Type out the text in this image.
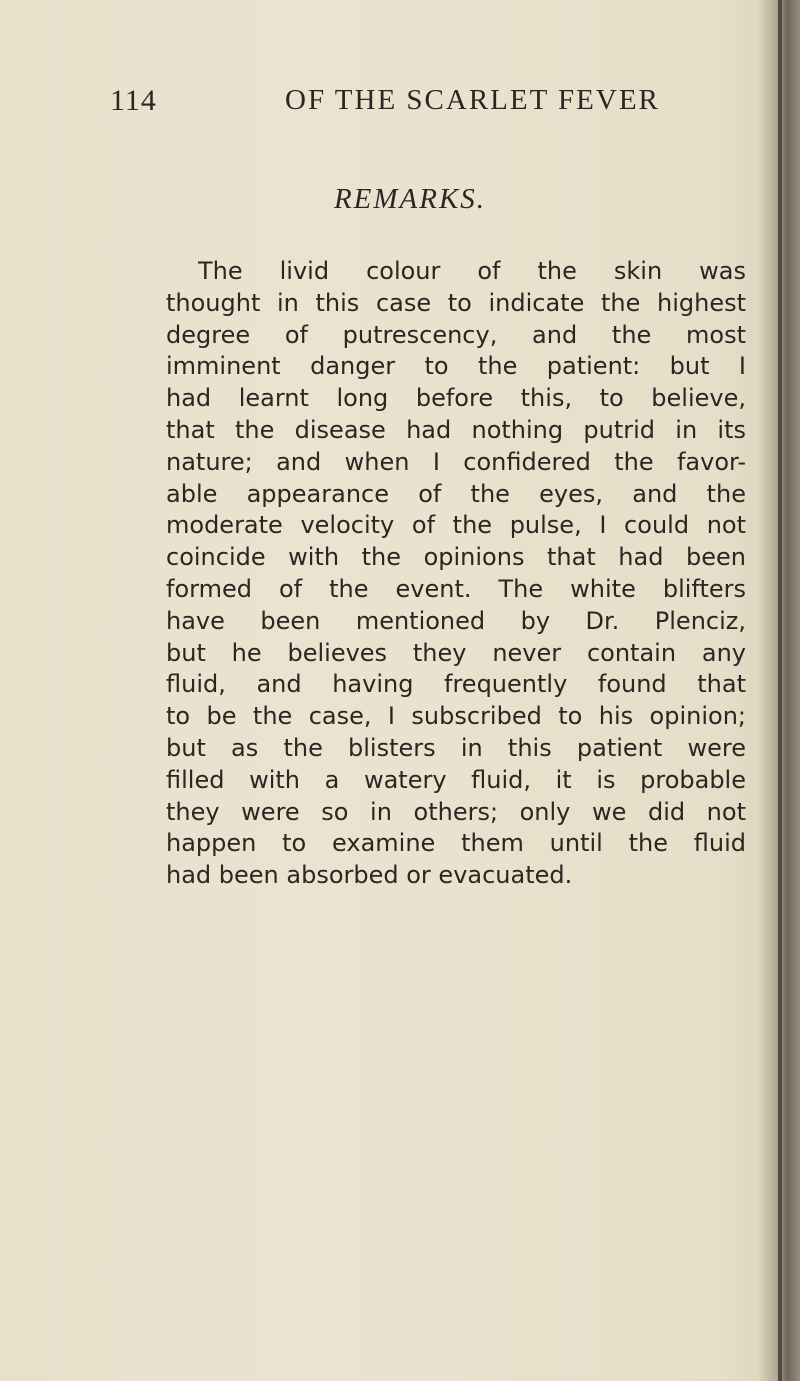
114	OF THE SCARLET FEVER
REMARKS.
The livid colour of the skin was
thought in this case to indicate the highest
degree of putrescency, and the most
imminent danger to the patient: but I
had learnt long before this, to believe,
that the disease had nothing putrid in its
nature; and when I confidered the favor-
able appearance of the eyes, and the
moderate velocity of the pulse, I could not
coincide with the opinions that had been
formed of the event. The white blifters
have been mentioned by Dr. Plenciz,
but he believes they never contain any
fluid, and having frequently found that
to be the case, I subscribed to his opinion;
but as the blisters in this patient were
filled with a watery fluid, it is probable
they were so in others; only we did not
happen to examine them until the fluid
had been absorbed or evacuated.
